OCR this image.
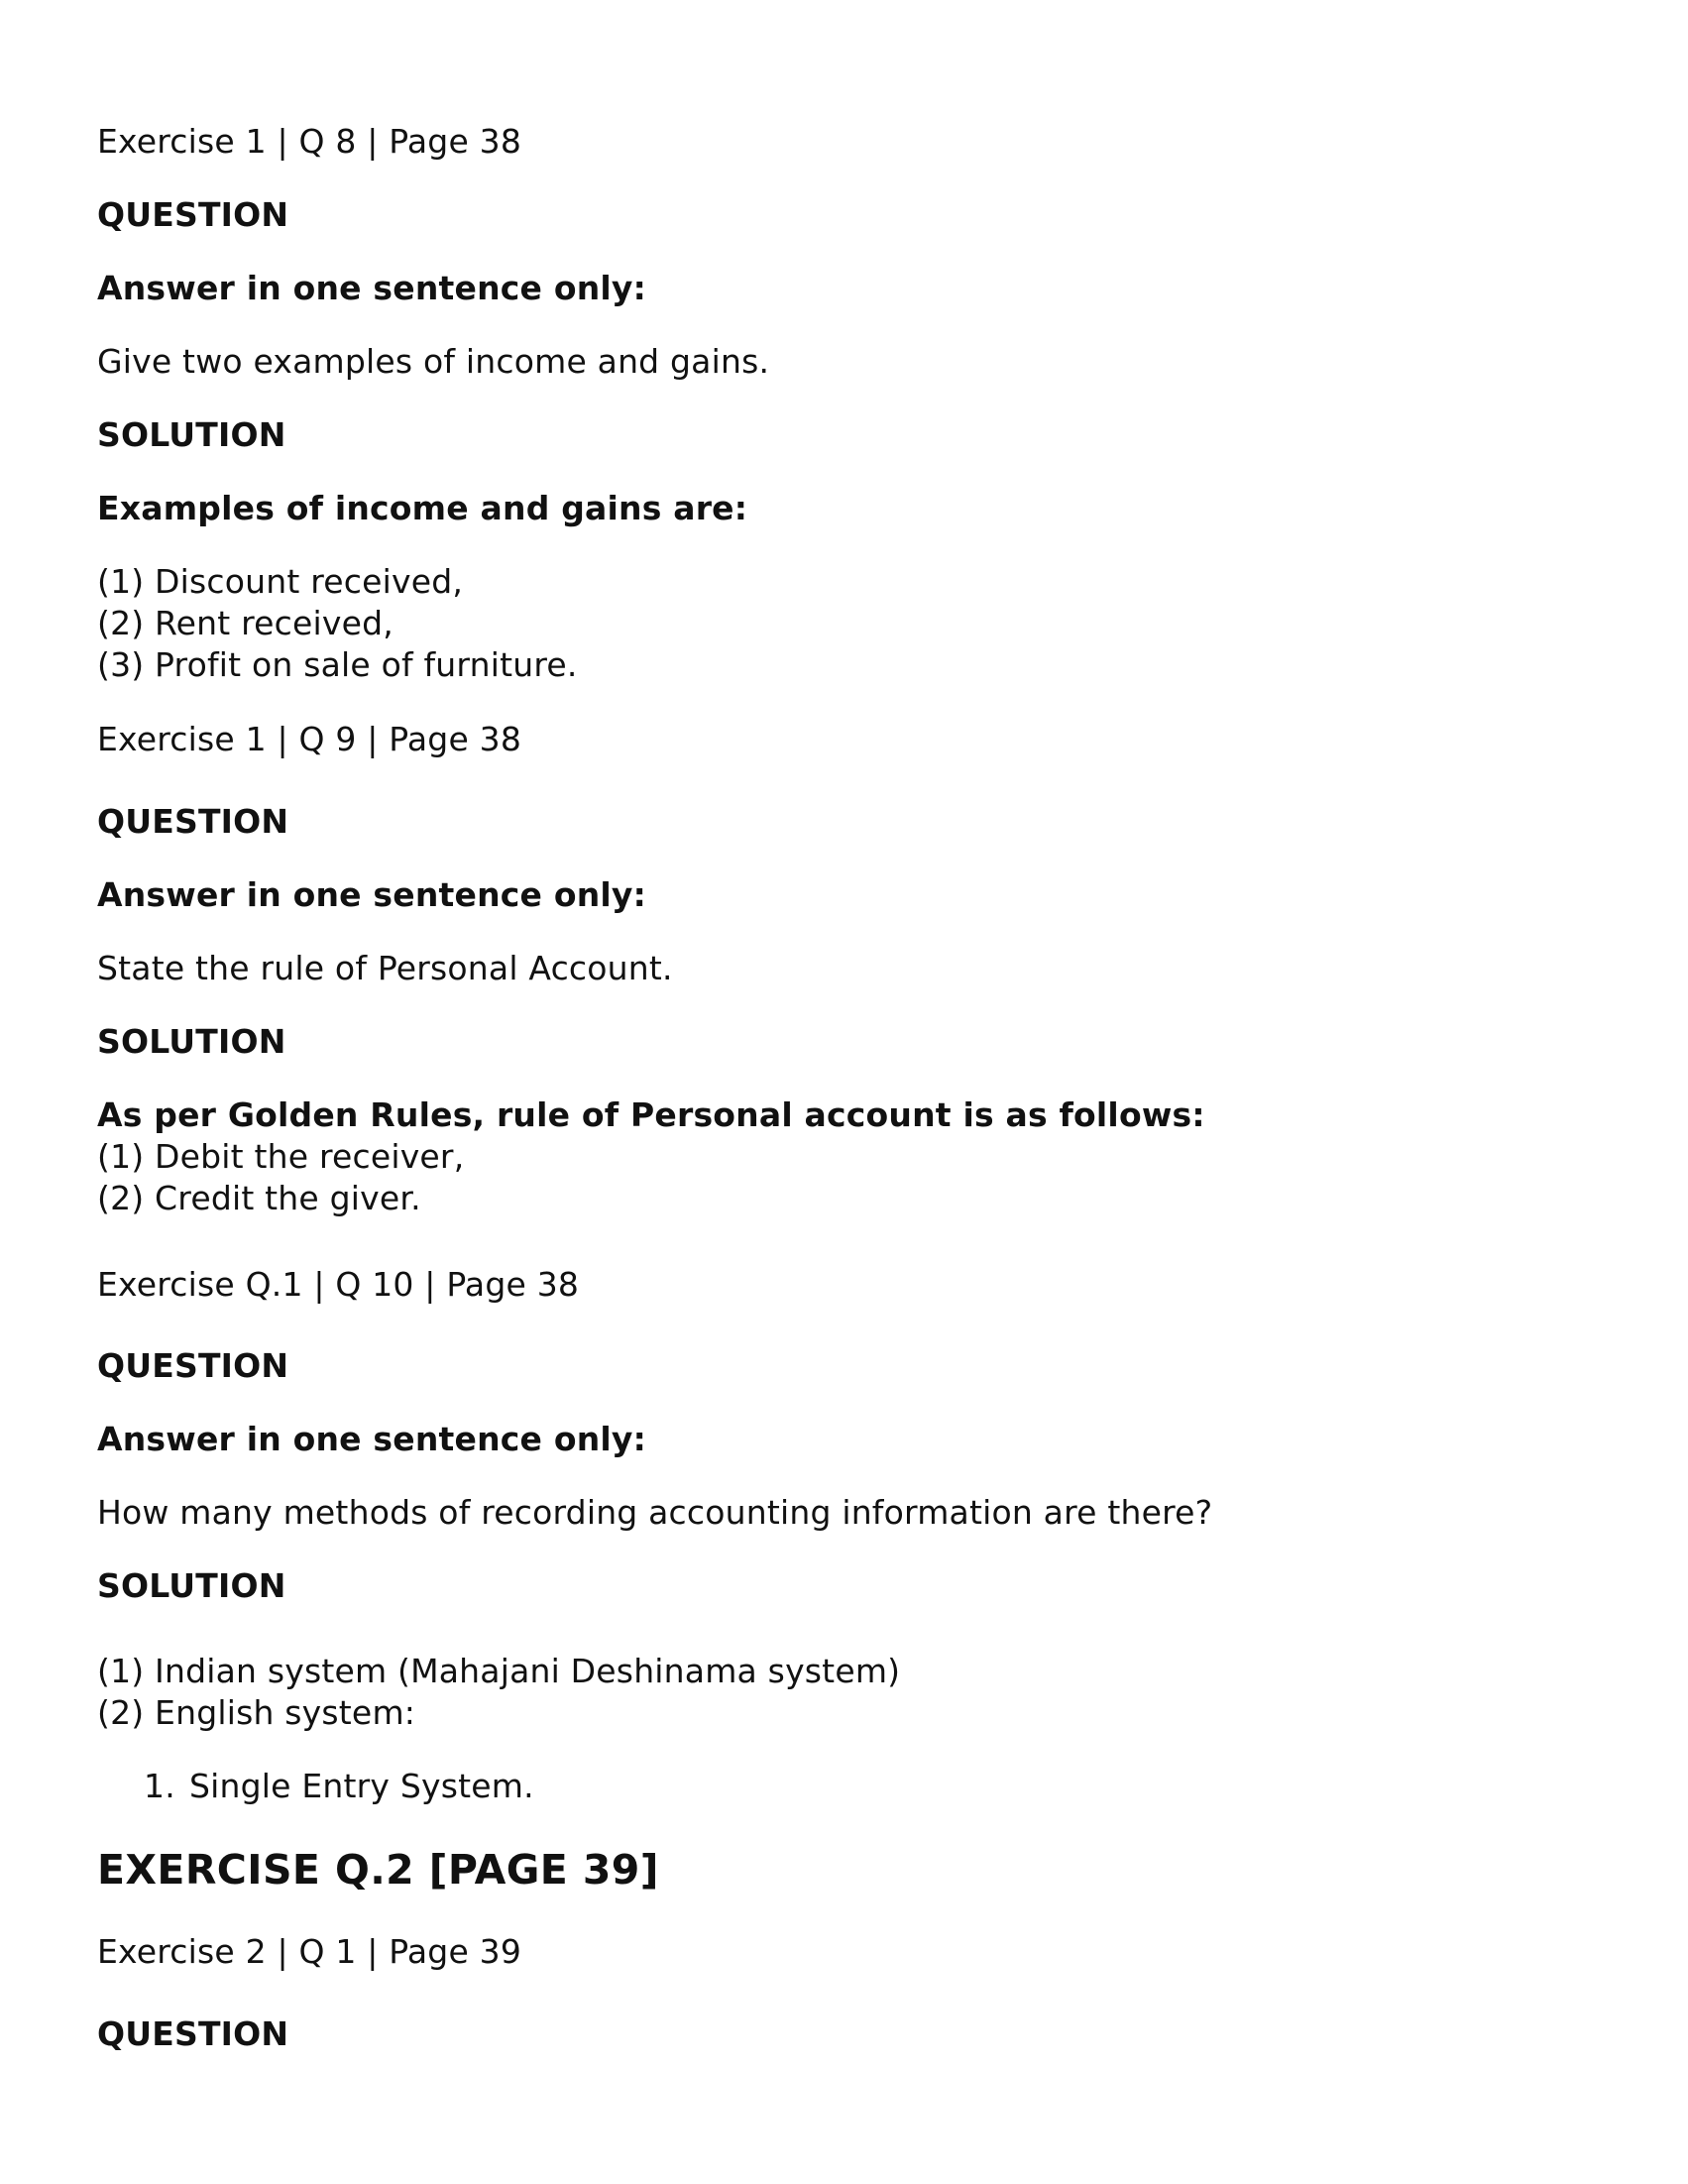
Exercise 1 | Q 8 | Page 38

QUESTION

Answer in one sentence only:

Give two examples of income and gains.

SOLUTION

Examples of income and gains are:

(1) Discount received,

(2) Rent received,

(3) Profit on sale of furniture.

Exercise 1 | Q 9 | Page 38

QUESTION

Answer in one sentence only:

State the rule of Personal Account.

SOLUTION

As per Golden Rules, rule of Personal account is as follows:

(1) Debit the receiver,

(2) Credit the giver.

Exercise Q.1 | Q 10 | Page 38

QUESTION

Answer in one sentence only:

How many methods of recording accounting information are there?

SOLUTION

(1) Indian system (Mahajani Deshinama system)

(2) English system:

1. Single Entry System.

EXERCISE Q.2 [PAGE 39]

Exercise 2 | Q 1 | Page 39

QUESTION
